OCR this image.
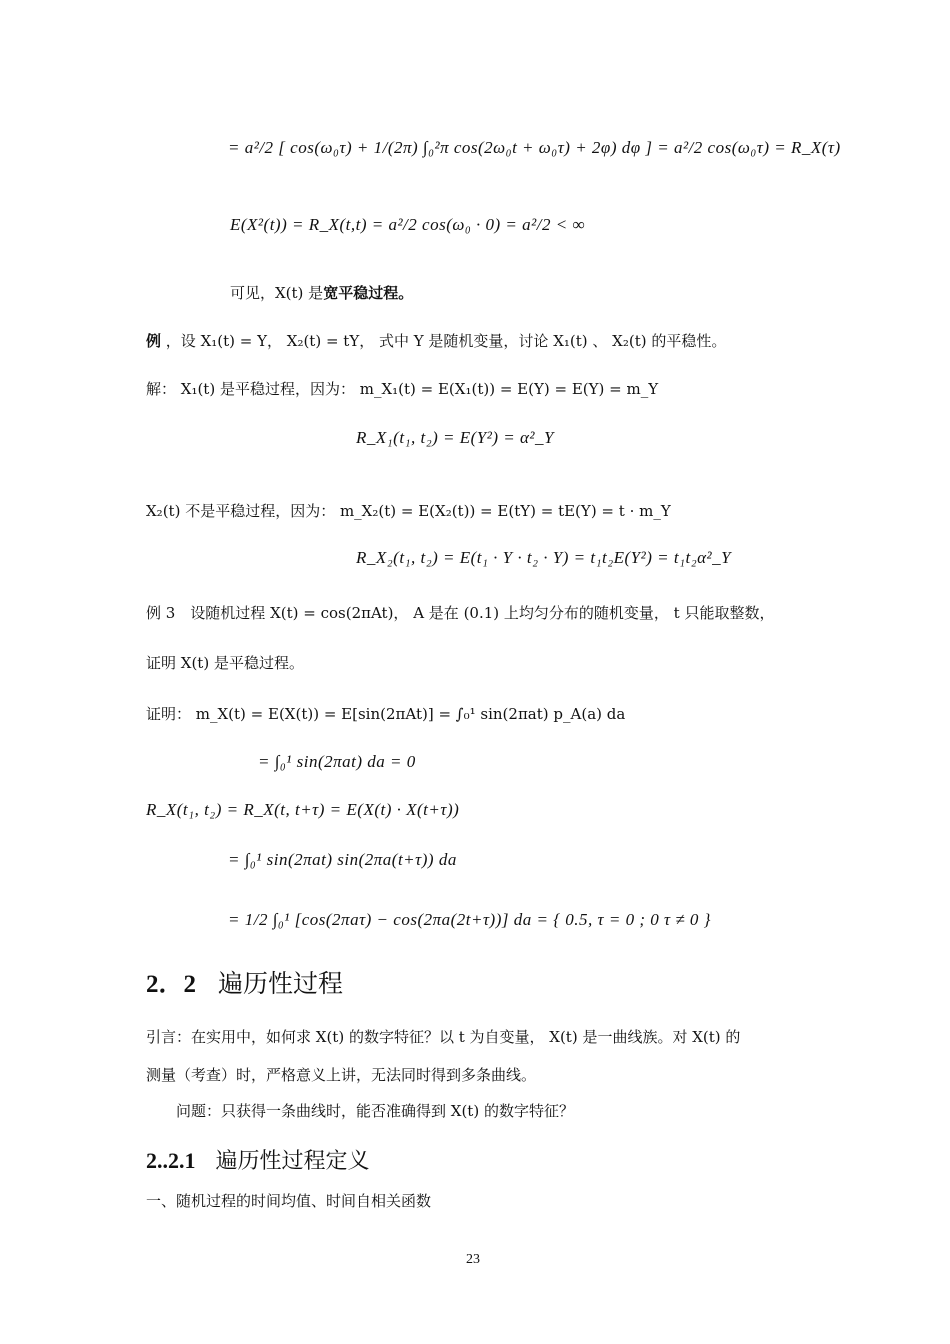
= a²/2 [ cos(ω₀τ) + 1/(2π) ∫₀²π cos(2ω₀t + ω₀τ) + 2φ) dφ ] = a²/2 cos(ω₀τ) = R_X(τ)
E(X²(t)) = R_X(t,t) = a²/2 cos(ω₀ · 0) = a²/2 < ∞
可见，X(t) 是宽平稳过程。
例 ，设 X₁(t) = Y， X₂(t) = tY， 式中 Y 是随机变量，讨论 X₁(t) 、 X₂(t) 的平稳性。
解： X₁(t) 是平稳过程，因为： m_X₁(t) = E(X₁(t)) = E(Y) = E(Y) = m_Y
R_X₁(t₁, t₂) = E(Y²) = α²_Y
X₂(t) 不是平稳过程，因为： m_X₂(t) = E(X₂(t)) = E(tY) = tE(Y) = t · m_Y
R_X₂(t₁, t₂) = E(t₁ · Y · t₂ · Y) = t₁t₂E(Y²) = t₁t₂α²_Y
例 3　设随机过程 X(t) = cos(2πAt)， A 是在 (0.1) 上均匀分布的随机变量， t 只能取整数，
证明 X(t) 是平稳过程。
证明： m_X(t) = E(X(t)) = E[sin(2πAt)] = ∫₀¹ sin(2πat) p_A(a) da
= ∫₀¹ sin(2πat) da = 0
R_X(t₁, t₂) = R_X(t, t+τ) = E(X(t) · X(t+τ))
= ∫₀¹ sin(2πat) sin(2πa(t+τ)) da
= 1/2 ∫₀¹ [cos(2πaτ) − cos(2πa(2t+τ))] da = { 0.5, τ = 0 ; 0 τ ≠ 0 }
2．2 遍历性过程
引言：在实用中，如何求 X(t) 的数字特征？以 t 为自变量， X(t) 是一曲线族。对 X(t) 的
测量（考查）时，严格意义上讲，无法同时得到多条曲线。
问题：只获得一条曲线时，能否准确得到 X(t) 的数字特征？
2..2.1 遍历性过程定义
一、随机过程的时间均值、时间自相关函数
23
